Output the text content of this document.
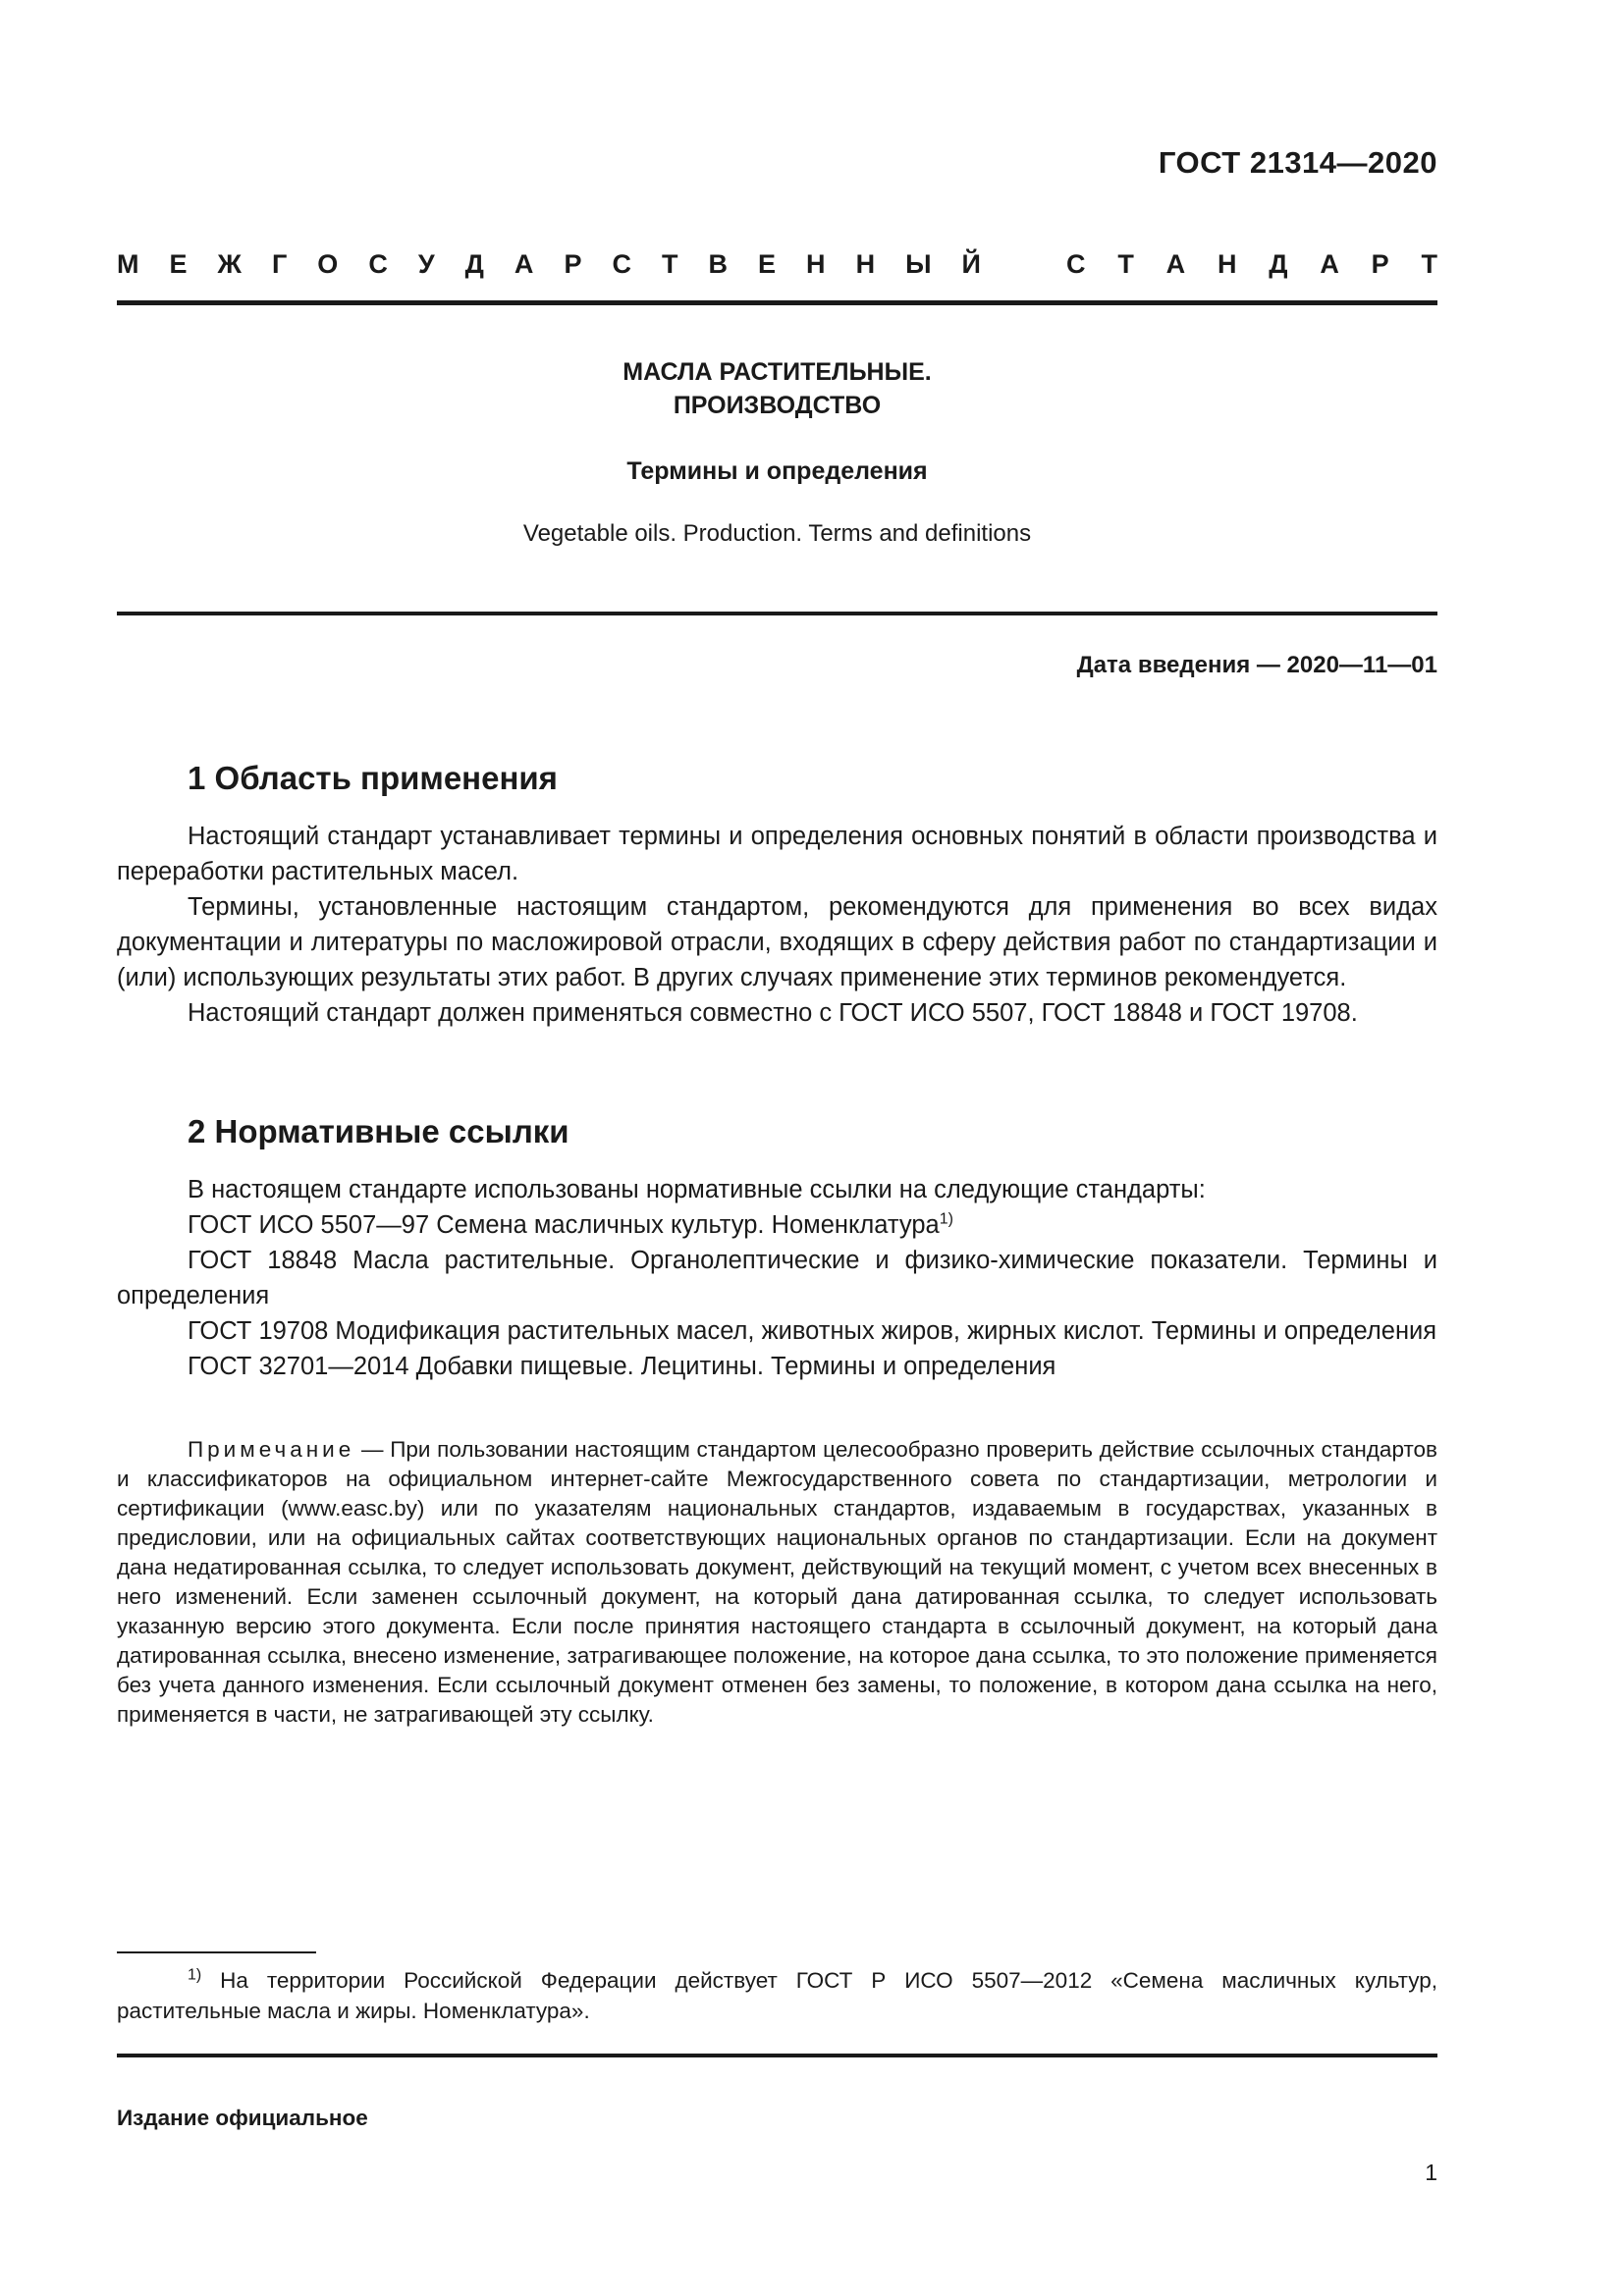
ГОСТ 21314—2020
М Е Ж Г О С У Д А Р С Т В Е Н Н Ы Й	С Т А Н Д А Р Т
МАСЛА РАСТИТЕЛЬНЫЕ.
ПРОИЗВОДСТВО
Термины и определения
Vegetable oils. Production. Terms and definitions
Дата введения — 2020—11—01
1 Область применения

Настоящий стандарт устанавливает термины и определения основных понятий в области производства и переработки растительных масел.

Термины, установленные настоящим стандартом, рекомендуются для применения во всех видах документации и литературы по масложировой отрасли, входящих в сферу действия работ по стандартизации и (или) использующих результаты этих работ. В других случаях применение этих терминов рекомендуется.

Настоящий стандарт должен применяться совместно с ГОСТ ИСО 5507, ГОСТ 18848 и ГОСТ 19708.

2 Нормативные ссылки

В настоящем стандарте использованы нормативные ссылки на следующие стандарты:

ГОСТ ИСО 5507—97 Семена масличных культур. Номенклатура$^{1)}$

ГОСТ 18848 Масла растительные. Органолептические и физико-химические показатели. Термины и определения

ГОСТ 19708 Модификация растительных масел, животных жиров, жирных кислот. Термины и определения

ГОСТ 32701—2014 Добавки пищевые. Лецитины. Термины и определения

Примечание — При пользовании настоящим стандартом целесообразно проверить действие ссылочных стандартов и классификаторов на официальном интернет-сайте Межгосударственного совета по стандартизации, метрологии и сертификации (www.easc.by) или по указателям национальных стандартов, издаваемым в государствах, указанных в предисловии, или на официальных сайтах соответствующих национальных органов по стандартизации. Если на документ дана недатированная ссылка, то следует использовать документ, действующий на текущий момент, с учетом всех внесенных в него изменений. Если заменен ссылочный документ, на который дана датированная ссылка, то следует использовать указанную версию этого документа. Если после принятия настоящего стандарта в ссылочный документ, на который дана датированная ссылка, внесено изменение, затрагивающее положение, на которое дана ссылка, то это положение применяется без учета данного изменения. Если ссылочный документ отменен без замены, то положение, в котором дана ссылка на него, применяется в части, не затрагивающей эту ссылку.

$^{1)}$ На территории Российской Федерации действует ГОСТ Р ИСО 5507—2012 «Семена масличных культур, растительные масла и жиры. Номенклатура».

Издание официальное
1
